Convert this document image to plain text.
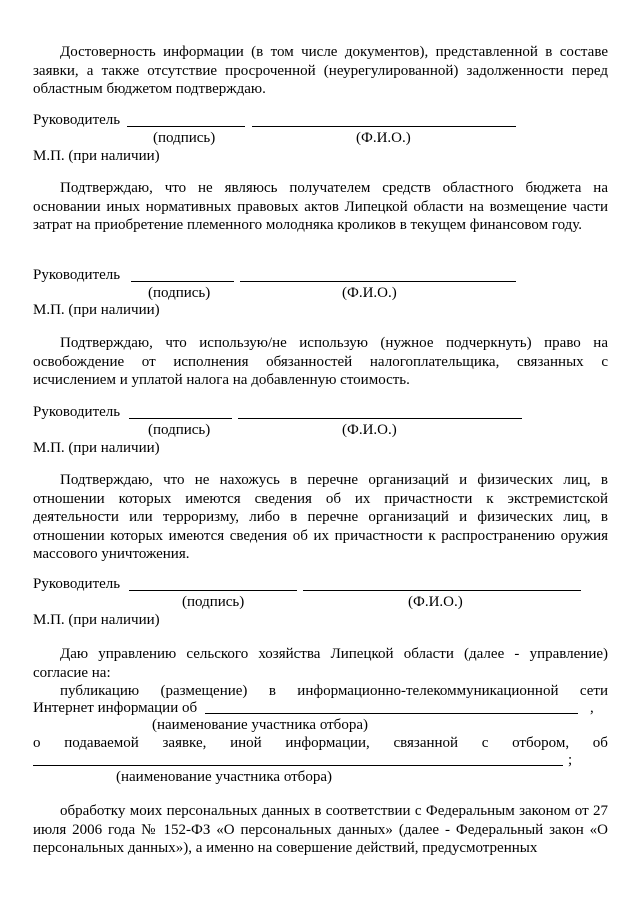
Достоверность информации (в том числе документов), представленной в составе заявки, а также отсутствие просроченной (неурегулированной) задолженности перед областным бюджетом подтверждаю.
Руководитель
(подпись)	(Ф.И.О.)
М.П. (при наличии)
Подтверждаю, что не являюсь получателем средств областного бюджета на основании иных нормативных правовых актов Липецкой области на возмещение части затрат на приобретение племенного молодняка кроликов в текущем финансовом году.
Руководитель
(подпись)	(Ф.И.О.)
М.П. (при наличии)
Подтверждаю, что использую/не использую (нужное подчеркнуть) право на освобождение от исполнения обязанностей налогоплательщика, связанных с исчислением и уплатой налога на добавленную стоимость.
Руководитель
(подпись)	(Ф.И.О.)
М.П. (при наличии)
Подтверждаю, что не нахожусь в перечне организаций и физических лиц, в отношении которых имеются сведения об их причастности к экстремистской деятельности или терроризму, либо в перечне организаций и физических лиц, в отношении которых имеются сведения об их причастности к распространению оружия массового уничтожения.
Руководитель
(подпись)	(Ф.И.О.)
М.П. (при наличии)
Даю управлению сельского хозяйства Липецкой области (далее - управление) согласие на:
публикацию (размещение) в информационно-телекоммуникационной сети
Интернет информации об	,
(наименование участника отбора)
о подаваемой заявке, иной информации, связанной с отбором, об
;
(наименование участника отбора)
обработку моих персональных данных в соответствии с Федеральным законом от 27 июля 2006 года № 152-ФЗ «О персональных данных» (далее - Федеральный закон «О персональных данных»), а именно на совершение действий, предусмотренных
